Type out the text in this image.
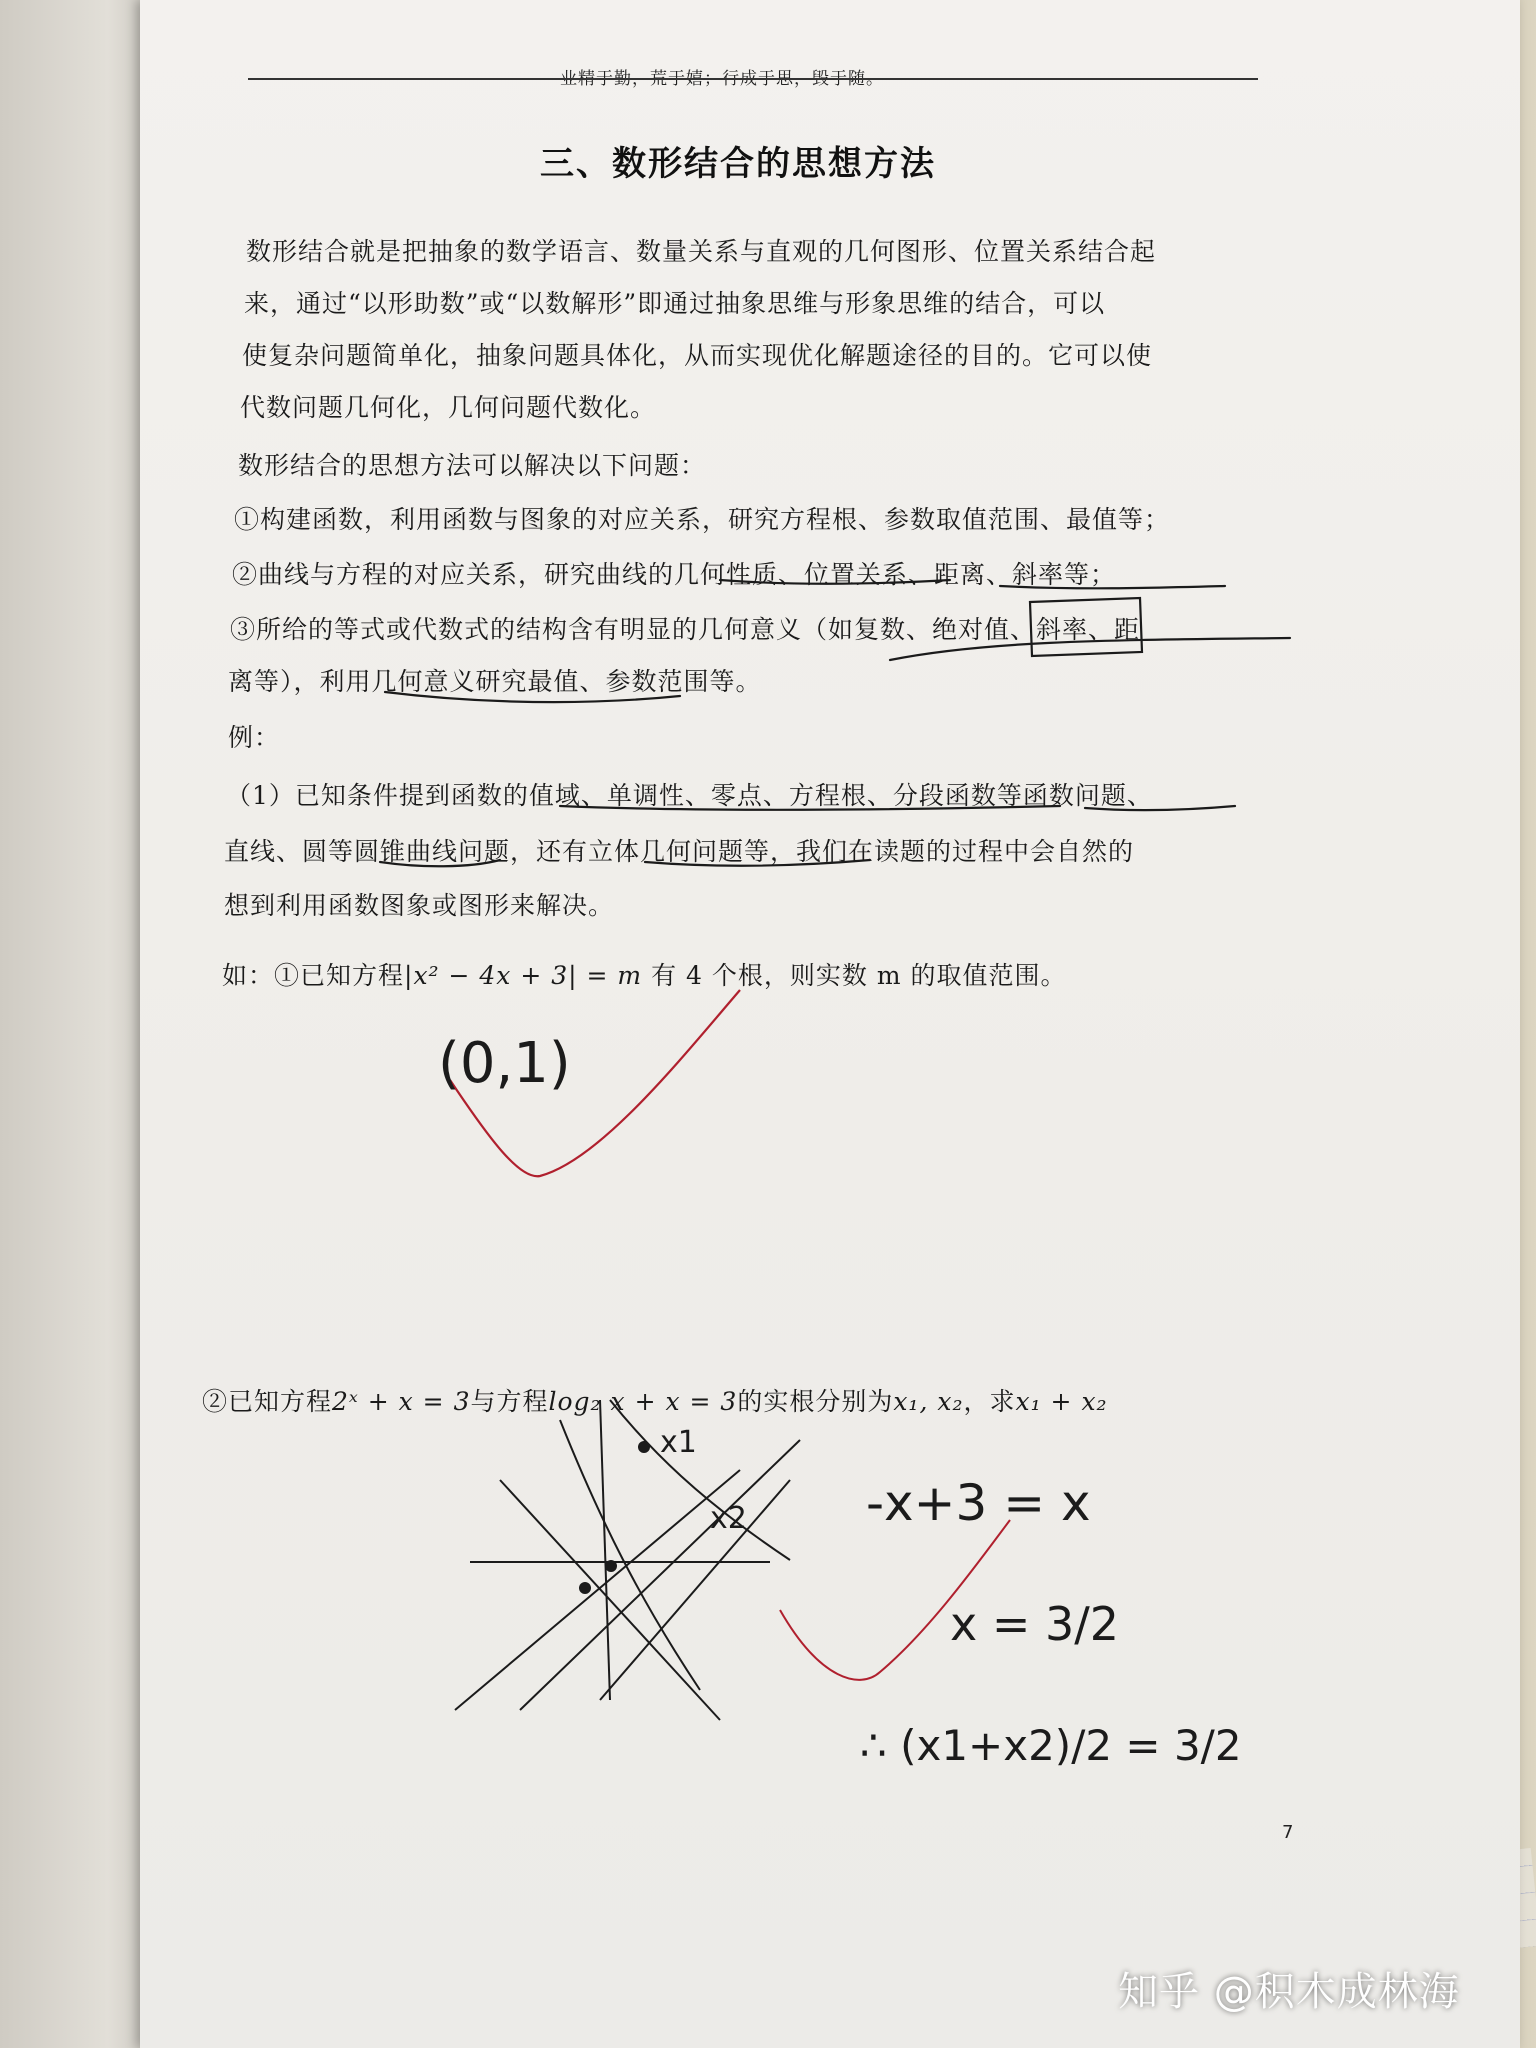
业精于勤，荒于嬉；行成于思，毁于随。
三、数形结合的思想方法
数形结合就是把抽象的数学语言、数量关系与直观的几何图形、位置关系结合起
来，通过“以形助数”或“以数解形”即通过抽象思维与形象思维的结合，可以
使复杂问题简单化，抽象问题具体化，从而实现优化解题途径的目的。它可以使
代数问题几何化，几何问题代数化。
数形结合的思想方法可以解决以下问题：
①构建函数，利用函数与图象的对应关系，研究方程根、参数取值范围、最值等；
②曲线与方程的对应关系，研究曲线的几何性质、位置关系、距离、斜率等；
③所给的等式或代数式的结构含有明显的几何意义（如复数、绝对值、斜率、距
离等），利用几何意义研究最值、参数范围等。
例：
（1）已知条件提到函数的值域、单调性、零点、方程根、分段函数等函数问题、
直线、圆等圆锥曲线问题，还有立体几何问题等，我们在读题的过程中会自然的
想到利用函数图象或图形来解决。
如：①已知方程|x² − 4x + 3| = m 有 4 个根，则实数 m 的取值范围。
②已知方程2ˣ + x = 3与方程log₂ x + x = 3的实根分别为x₁, x₂，求x₁ + x₂
(0,1)
x1
x2 -x+3 = x
x = 3/2
∴ (x1+x2)/2 = 3/2
7
知乎 @积木成林海
